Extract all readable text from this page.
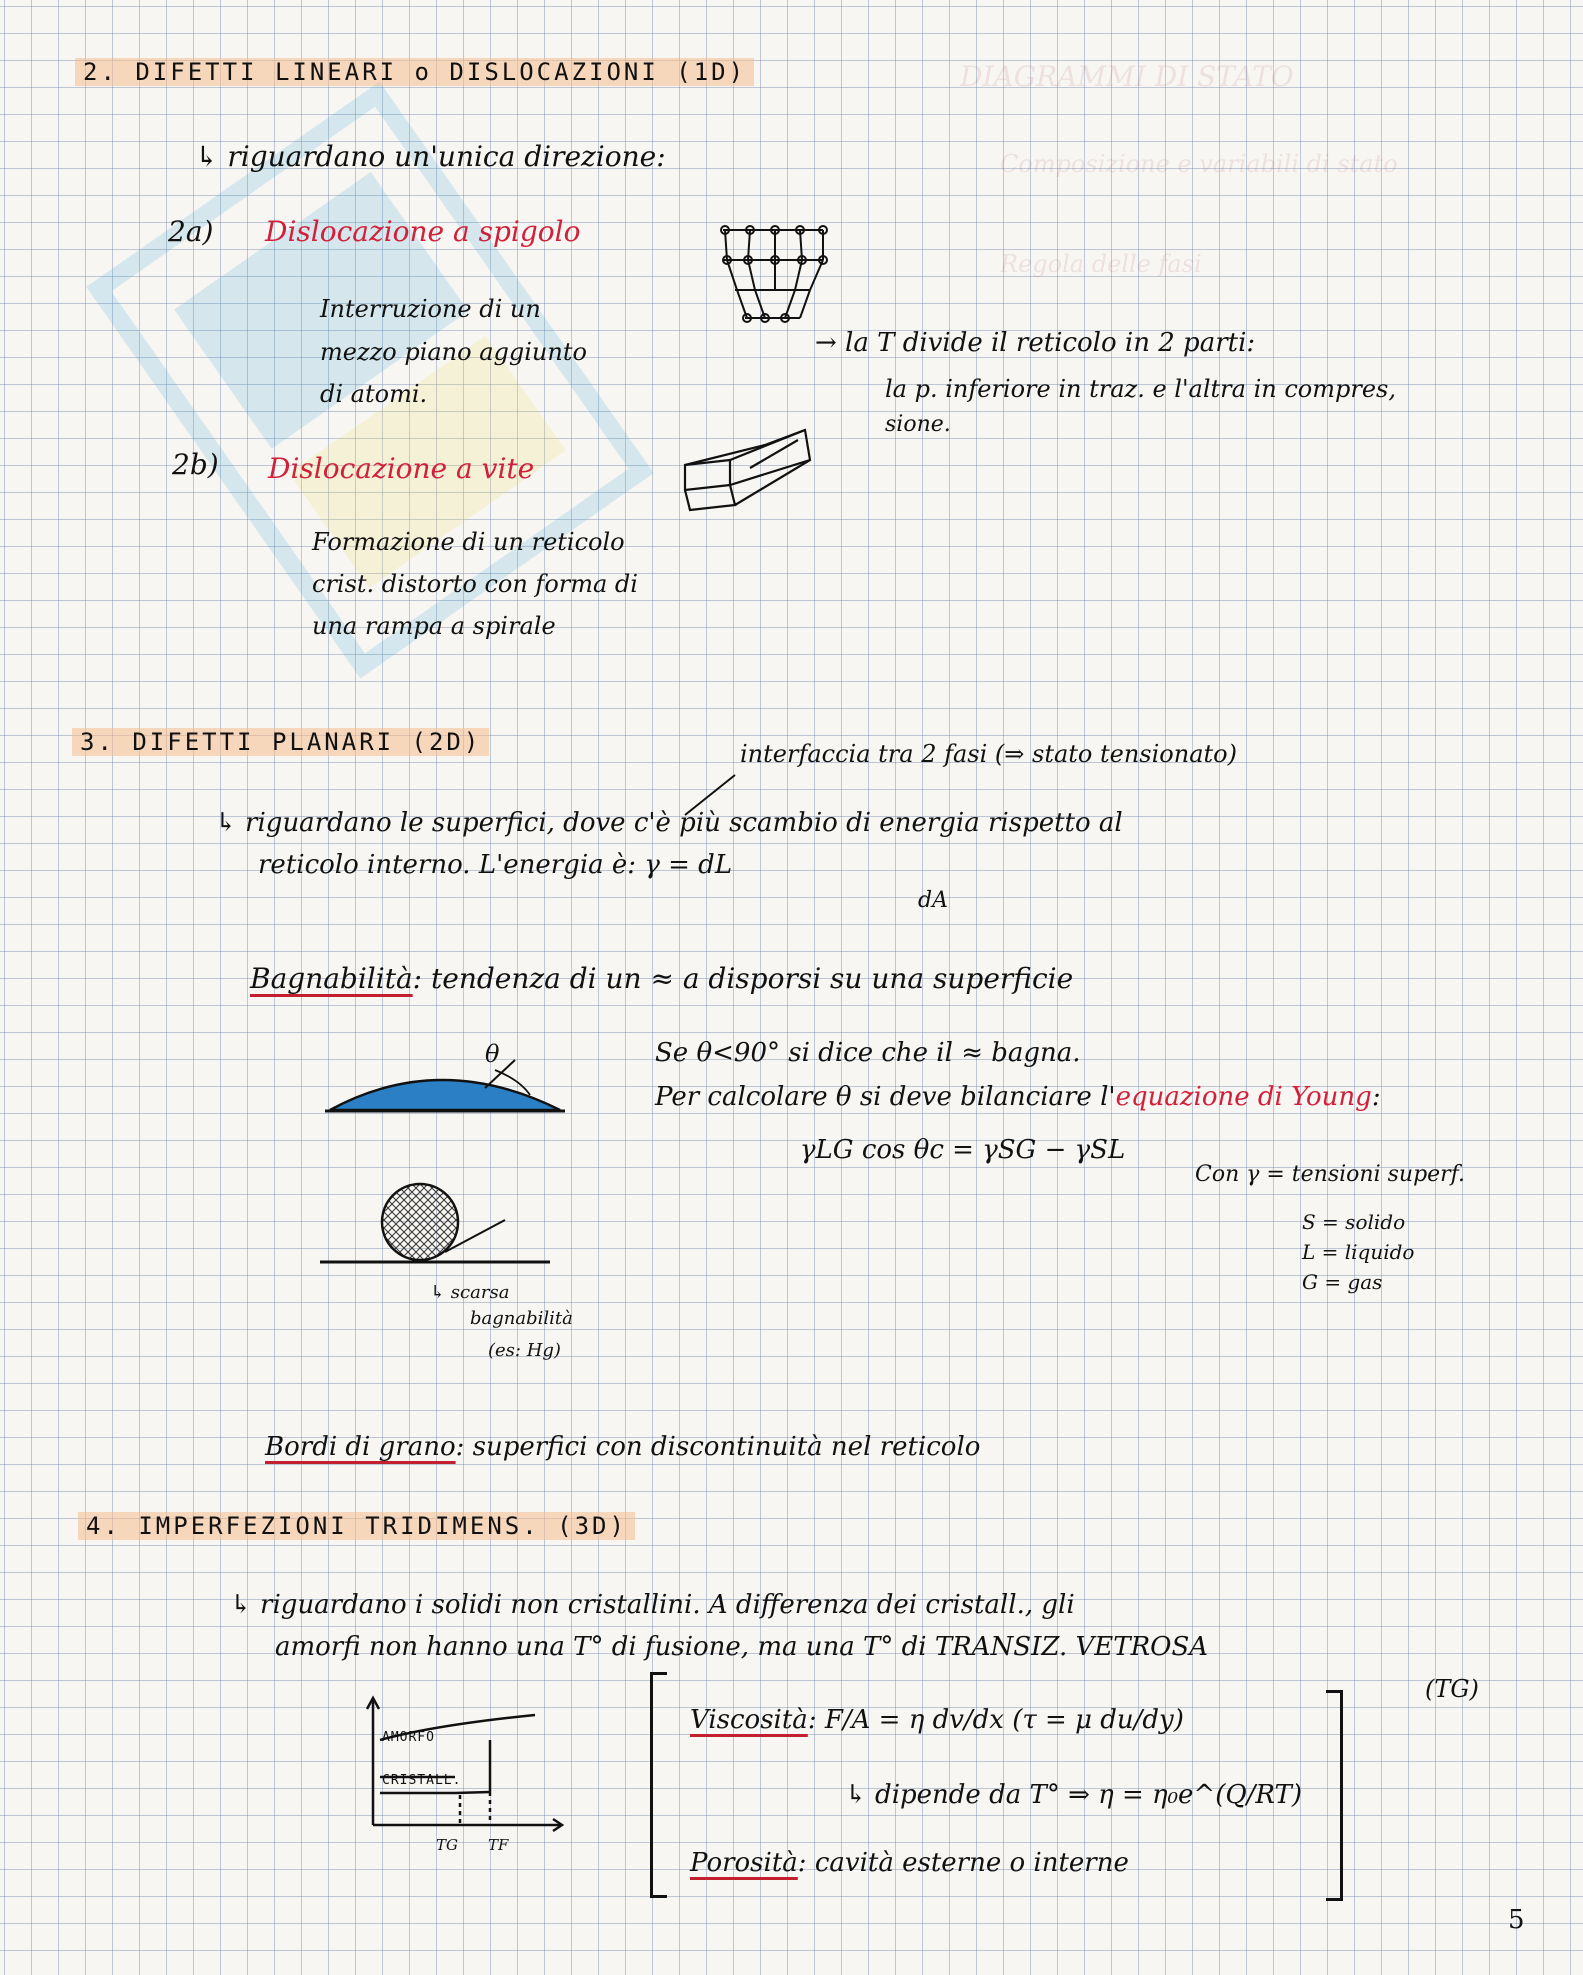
DIAGRAMMI DI STATO
Composizione e variabili di stato
Regola delle fasi
2. DIFETTI LINEARI o DISLOCAZIONI (1D)
↳ riguardano un'unica direzione:
2a) Dislocazione a spigolo
Interruzione di un
mezzo piano aggiunto
di atomi.
→ la T divide il reticolo in 2 parti:
la p. inferiore in traz. e l'altra in compres,
sione.
2b) Dislocazione a vite
Formazione di un reticolo
crist. distorto con forma di
una rampa a spirale
3. DIFETTI PLANARI (2D)	interfaccia tra 2 fasi (⇒ stato tensionato)
↳ riguardano le superfici, dove c'è più scambio di energia rispetto al
reticolo interno. L'energia è: γ = dL
dA
Bagnabilità: tendenza di un ≈ a disporsi su una superficie
θ	Se θ<90° si dice che il ≈ bagna.
Per calcolare θ si deve bilanciare l'equazione di Young:
γLG cos θc = γSG − γSL
Con γ = tensioni superf.
S = solido
L = liquido
G = gas
↳ scarsa
bagnabilità
(es: Hg)
Bordi di grano: superfici con discontinuità nel reticolo
4. IMPERFEZIONI TRIDIMENS. (3D)
↳ riguardano i solidi non cristallini. A differenza dei cristall., gli
amorfi non hanno una T° di fusione, ma una T° di TRANSIZ. VETROSA
(TG)
AMORFO
CRISTALL.
TG TF
Viscosità: F/A = η dv/dx (τ = μ du/dy)
↳ dipende da T° ⇒ η = η₀e^(Q/RT)
Porosità: cavità esterne o interne
5
